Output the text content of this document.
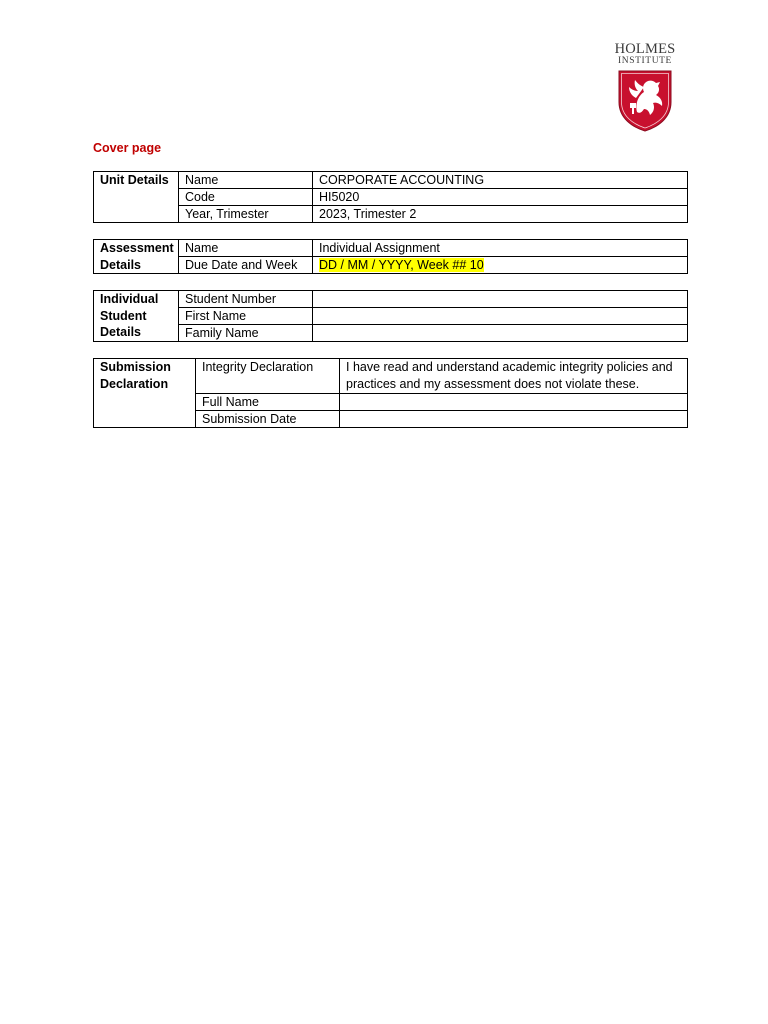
HOLMES
INSTITUTE
Cover page
Unit Details	Name	CORPORATE ACCOUNTING
	Code	HI5020
	Year, Trimester	2023, Trimester 2
Assessment Details	Name	Individual Assignment
	Due Date and Week	DD / MM / YYYY, Week ## 10
Individual Student Details	Student Number	
	First Name	
	Family Name	
Submission Declaration	Integrity Declaration	I have read and understand academic integrity policies and practices and my assessment does not violate these.
	Full Name	
	Submission Date	
